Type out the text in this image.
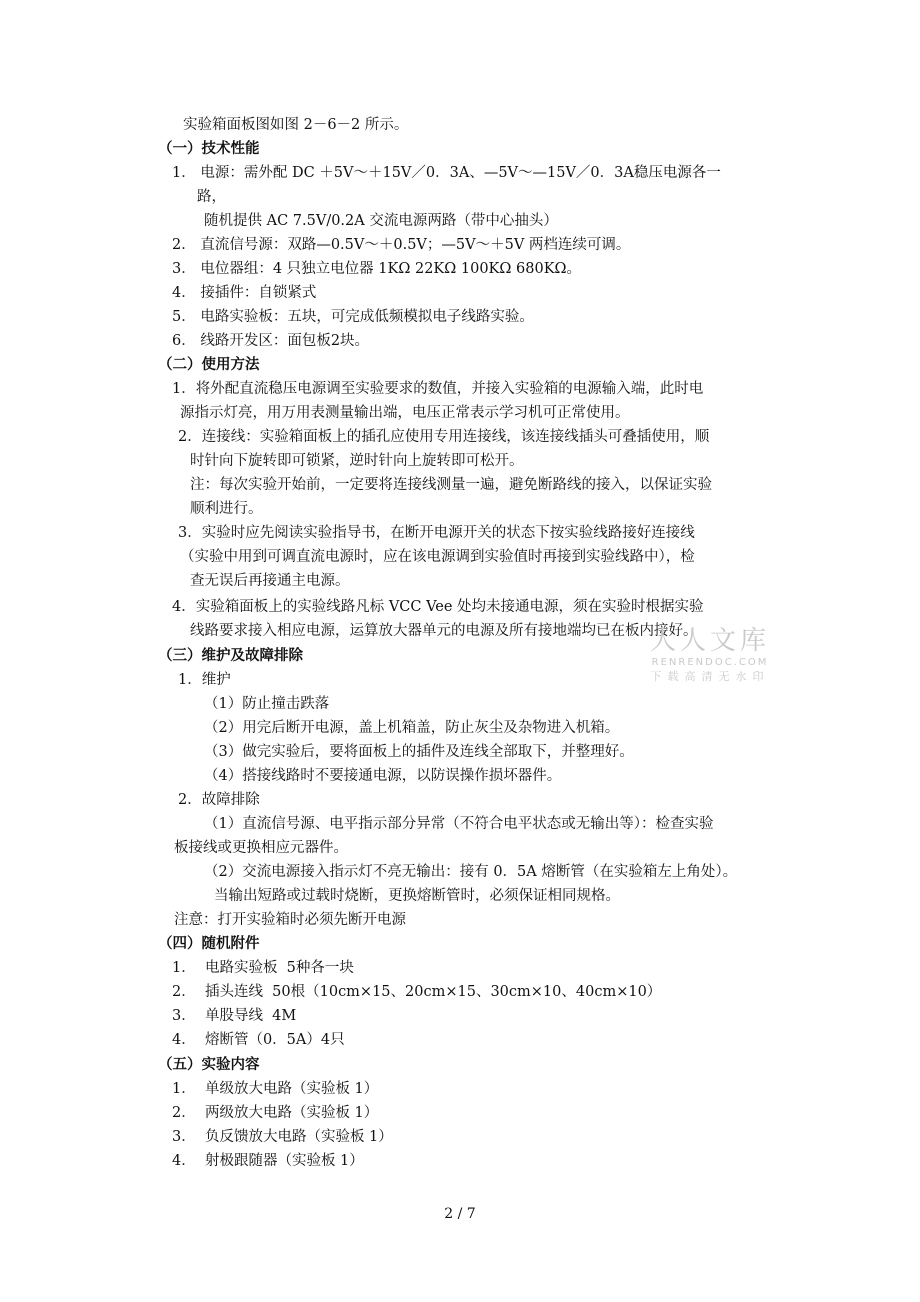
实验箱面板图如图 2－6－2 所示。
（一）技术性能
1． 电源：需外配 DC ＋5V～＋15V／0．3A、—5V～—15V／0．3A稳压电源各一
路，
随机提供 AC 7.5V/0.2A 交流电源两路（带中心抽头）
2． 直流信号源：双路—0.5V～＋0.5V；—5V～＋5V 两档连续可调。
3． 电位器组：4 只独立电位器 1KΩ 22KΩ 100KΩ 680KΩ。
4． 接插件：自锁紧式
5． 电路实验板：五块，可完成低频模拟电子线路实验。
6． 线路开发区：面包板2块。
（二）使用方法
1．将外配直流稳压电源调至实验要求的数值，并接入实验箱的电源输入端，此时电
源指示灯亮，用万用表测量输出端，电压正常表示学习机可正常使用。
2．连接线：实验箱面板上的插孔应使用专用连接线，该连接线插头可叠插使用，顺
时针向下旋转即可锁紧，逆时针向上旋转即可松开。
注：每次实验开始前，一定要将连接线测量一遍，避免断路线的接入，以保证实验
顺利进行。
3．实验时应先阅读实验指导书，在断开电源开关的状态下按实验线路接好连接线
（实验中用到可调直流电源时，应在该电源调到实验值时再接到实验线路中），检
查无误后再接通主电源。
4．实验箱面板上的实验线路凡标 VCC Vee 处均未接通电源，须在实验时根据实验
线路要求接入相应电源，运算放大器单元的电源及所有接地端均已在板内接好。
（三）维护及故障排除
1．维护
（1）防止撞击跌落
（2）用完后断开电源，盖上机箱盖，防止灰尘及杂物进入机箱。
（3）做完实验后，要将面板上的插件及连线全部取下，并整理好。
（4）搭接线路时不要接通电源，以防误操作损坏器件。
2．故障排除
（1）直流信号源、电平指示部分异常（不符合电平状态或无输出等）：检查实验
板接线或更换相应元器件。
（2）交流电源接入指示灯不亮无输出：接有 0．5A 熔断管（在实验箱左上角处）。
当输出短路或过载时烧断，更换熔断管时，必须保证相同规格。
注意：打开实验箱时必须先断开电源
（四）随机附件
1．  电路实验板  5种各一块
2．  插头连线  50根（10cm×15、20cm×15、30cm×10、40cm×10）
3．  单股导线  4M
4．  熔断管（0．5A）4只
（五）实验内容
1．  单级放大电路（实验板 1）
2．  两级放大电路（实验板 1）
3．  负反馈放大电路（实验板 1）
4．  射极跟随器（实验板 1）
人人文库
RENRENDOC.COM
下载高清无水印
2 / 7
